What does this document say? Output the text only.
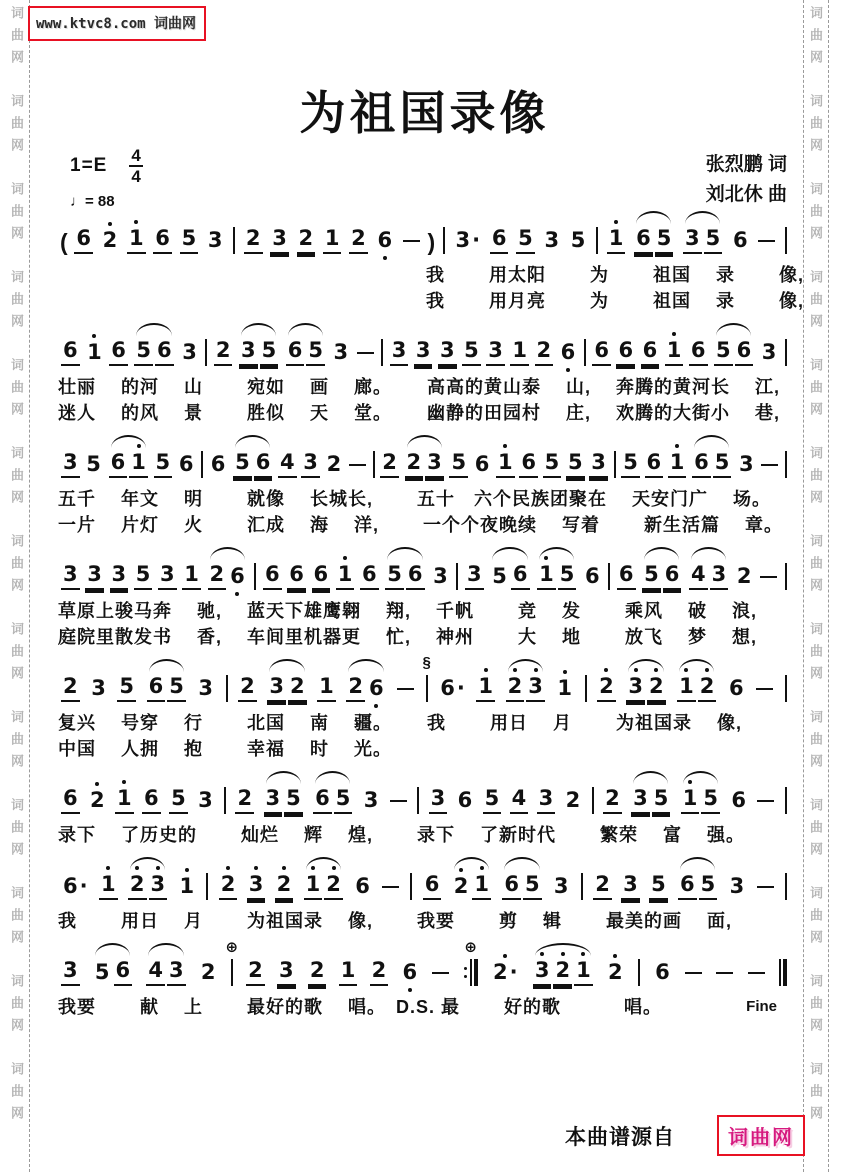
词曲网　词曲网　词曲网　词曲网　词曲网　词曲网　词曲网　词曲网　词曲网　词曲网　词曲网　词曲网　词曲网	词曲网　词曲网　词曲网　词曲网　词曲网　词曲网　词曲网　词曲网　词曲网　词曲网　词曲网　词曲网　词曲网
www.ktvc8.com 词曲网
为祖国录像
张烈鹏 词
刘北休 曲
1=E 4
4
♩= 88
( 6 2 1 6 5 3 2 3 2 1 2 6 ) 3 · 6 5 3 5 1 6 5 3 5 6
我　　 用太阳 　　为　　 祖国　 录　　 像,
我　　 用月亮 　　为　　 祖国　 录　　 像,
6 1 6 5 6 3 2 3 5 6 5 3 3 3 3 5 3 1 2 6 6 6 6 1 6 5 6 3
壮丽　 的河　 山　　 宛如　 画　 廊。　　 高高的黄山泰　 山,　 奔腾的黄河长　 江,
迷人　 的风　 景　　 胜似　 天　 堂。　　 幽静的田园村　 庄,　 欢腾的大街小　 巷,
3 5 6 1 5 6 6 5 6 4 3 2 2 2 3 5 6 1 6 5 5 3 5 6 1 6 5 3
五千　 年文　 明　　 就像　 长城长,　　 五十　六个民族团聚在　 天安门广　 场。
一片　 片灯　 火　　 汇成　 海　 洋,　　 一个个夜晚续　 写着　　 新生活篇　 章。
3 3 3 5 3 1 2 6 6 6 6 1 6 5 6 3 3 5 6 1 5 6 6 5 6 4 3 2
草原上骏马奔　 驰,　 蓝天下雄鹰翱　 翔,　 千帆　　 竞　 发　　 乘风　 破　 浪,
庭院里散发书　 香,　 车间里机器更　 忙,　 神州　　 大　 地　　 放飞　 梦　 想,
2 3 5 6 5 3 2 3 2 1 2 6
§
6 · 1 2 3 1 2 3 2 1 2 6
复兴　 号穿　 行　　 北国　 南　 疆。　　 我　　 用日　 月　　 为祖国录　 像,
中国　 人拥　 抱　　 幸福　 时　 光。
6 2 1 6 5 3 2 3 5 6 5 3 3 6 5 4 3 2 2 3 5 1 5 6
录下　 了历史的　　 灿烂　 辉　 煌,　　 录下　 了新时代　　 繁荣　 富　 强。
6 · 1 2 3 1 2 3 2 1 2 6	6 2 1 6 5 3 2 3 5 6 5 3
我　　 用日　 月　　 为祖国录　 像,　　 我要　　 剪　 辑　　 最美的画　 面,
3 5 6 4 3 2
⊕
2 3 2 1 2 6
⊕
2 · 3 2 1 2 6
我要　　 献　 上　　 最好的歌　 唱。　D.S. 最　　 好的歌　　　 唱。	Fine
本曲谱源自	词曲网
